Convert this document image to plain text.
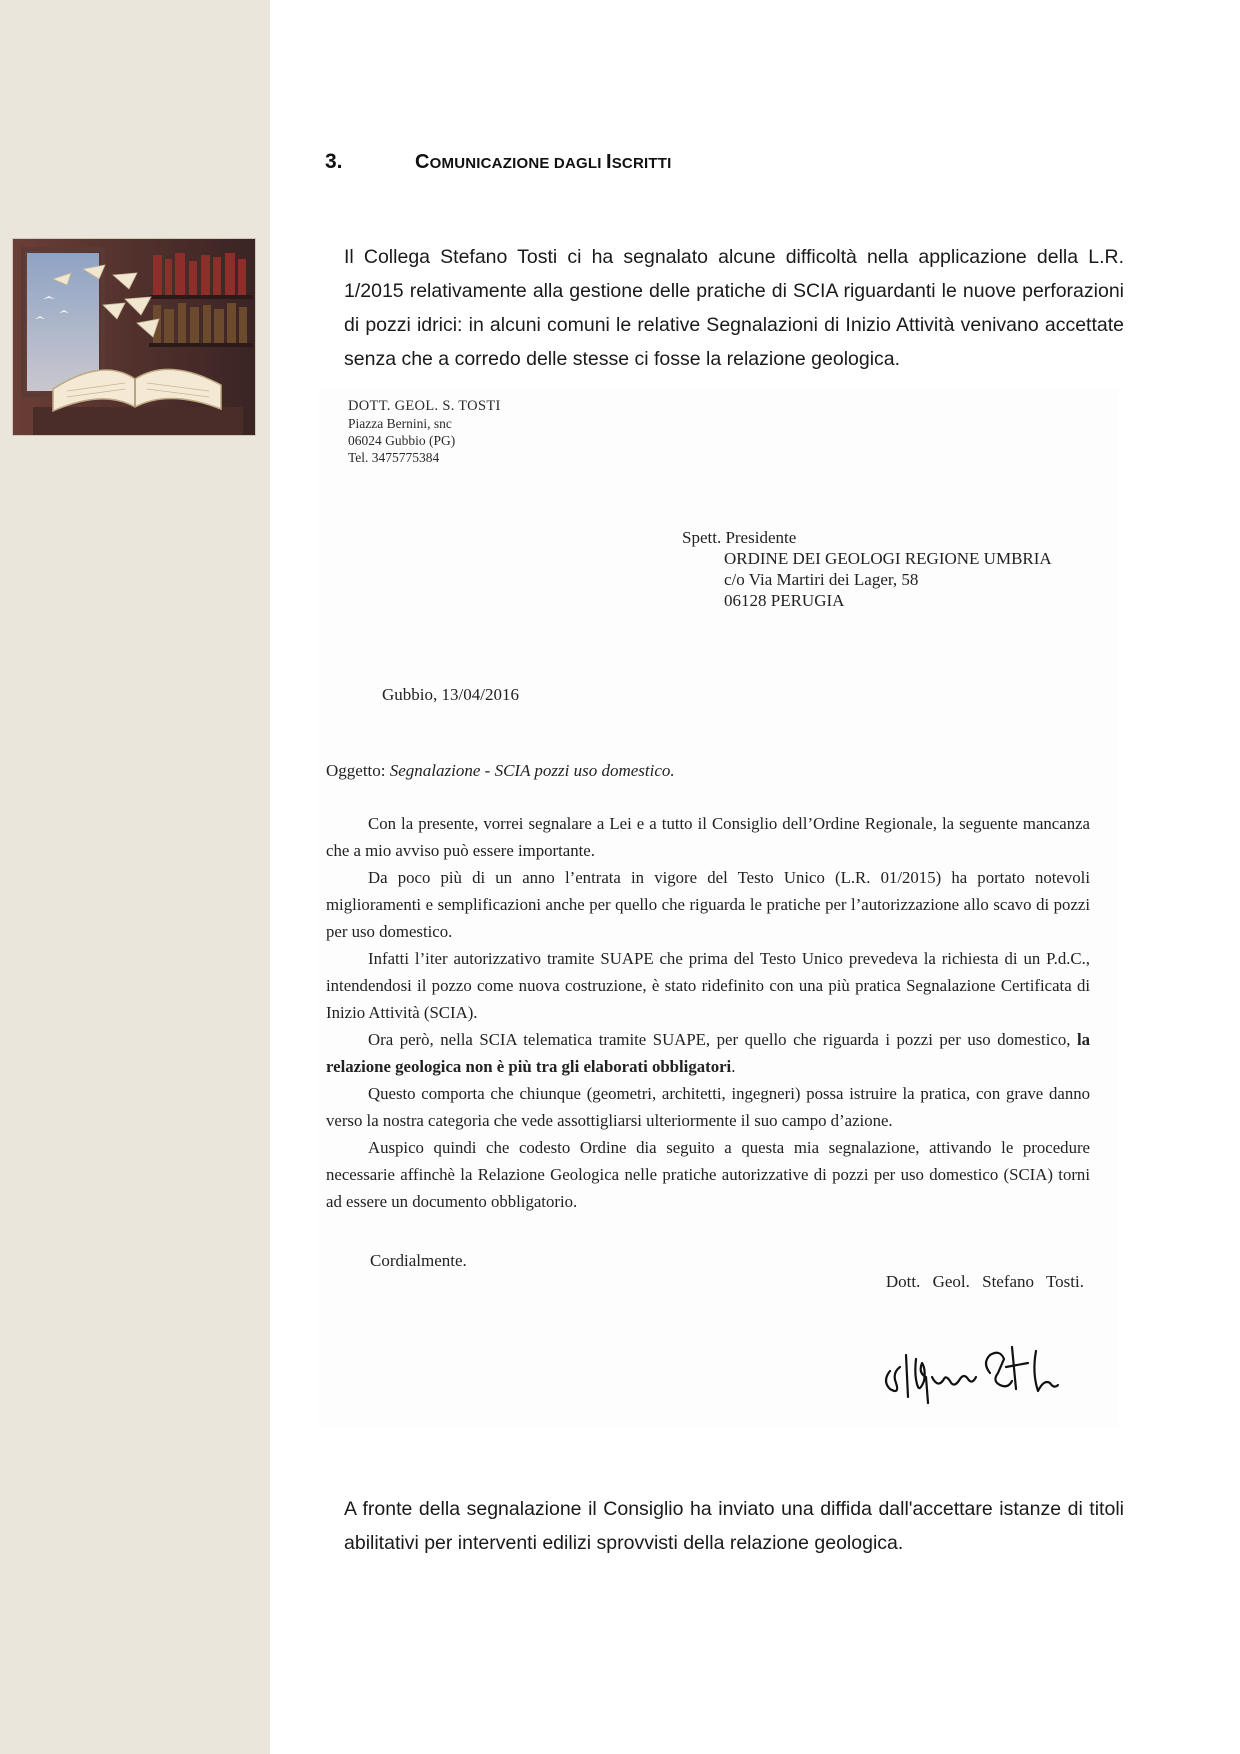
3.	COMUNICAZIONE DAGLI ISCRITTI

Il Collega Stefano Tosti ci ha segnalato alcune difficoltà nella applicazione della L.R. 1/2015 relativamente alla gestione delle pratiche di SCIA riguardanti le nuove perforazioni di pozzi idrici: in alcuni comuni le relative Segnalazioni di Inizio Attività venivano accettate senza che a corredo delle stesse ci fosse la relazione geologica.

DOTT. GEOL. S. TOSTI
Piazza Bernini, snc
06024 Gubbio (PG)
Tel. 3475775384
Spett. Presidente
ORDINE DEI GEOLOGI REGIONE UMBRIA
c/o Via Martiri dei Lager, 58
06128 PERUGIA
Gubbio, 13/04/2016
Oggetto: Segnalazione - SCIA pozzi uso domestico.

Con la presente, vorrei segnalare a Lei e a tutto il Consiglio dell’Ordine Regionale, la seguente mancanza che a mio avviso può essere importante.

Da poco più di un anno l’entrata in vigore del Testo Unico (L.R. 01/2015) ha portato notevoli miglioramenti e semplificazioni anche per quello che riguarda le pratiche per l’autorizzazione allo scavo di pozzi per uso domestico.

Infatti l’iter autorizzativo tramite SUAPE che prima del Testo Unico prevedeva la richiesta di un P.d.C., intendendosi il pozzo come nuova costruzione, è stato ridefinito con una più pratica Segnalazione Certificata di Inizio Attività (SCIA).

Ora però, nella SCIA telematica tramite SUAPE, per quello che riguarda i pozzi per uso domestico, la relazione geologica non è più tra gli elaborati obbligatori.

Questo comporta che chiunque (geometri, architetti, ingegneri) possa istruire la pratica, con grave danno verso la nostra categoria che vede assottigliarsi ulteriormente il suo campo d’azione.

Auspico quindi che codesto Ordine dia seguito a questa mia segnalazione, attivando le procedure necessarie affinchè la Relazione Geologica nelle pratiche autorizzative di pozzi per uso domestico (SCIA) torni ad essere un documento obbligatorio.

Cordialmente.
Dott. Geol. Stefano Tosti.

A fronte della segnalazione il Consiglio ha inviato una diffida dall'accettare istanze di titoli abilitativi per interventi edilizi sprovvisti della relazione geologica.
